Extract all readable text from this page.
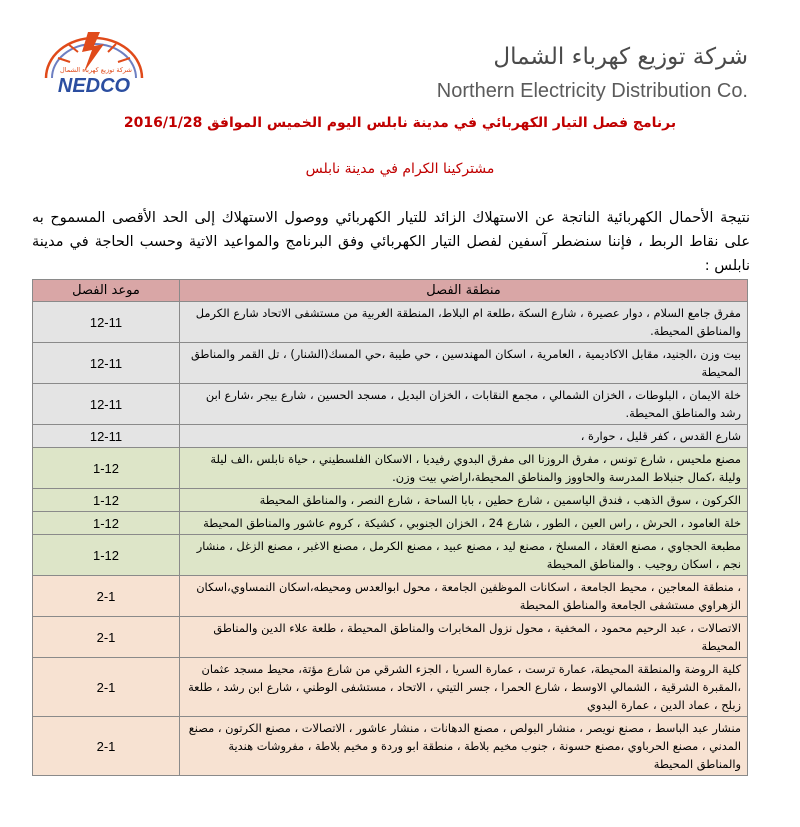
شركة توزيع كهرباء الشمال
NEDCO
شركة توزيع كهرباء الشمال
Northern Electricity Distribution Co.
برنامج فصل التيار الكهربائي في مدينة نابلس اليوم الخميس الموافق 2016/1/28
مشتركينا الكرام في مدينة نابلس
نتيجة الأحمال الكهربائية الناتجة عن الاستهلاك الزائد للتيار الكهربائي ووصول الاستهلاك إلى الحد الأقصى المسموح به على نقاط الربط ، فإننا سنضطر آسفين لفصل التيار الكهربائي وفق البرنامج والمواعيد الاتية وحسب الحاجة في مدينة نابلس :
منطقة الفصل	موعد الفصل
مفرق جامع السلام ، دوار عصيرة ، شارع السكة ،طلعة ام البلاط، المنطقة الغربية من مستشفى الاتحاد شارع الكرمل والمناطق المحيطة.	12-11
بيت وزن ،الجنيد، مقابل الاكاديمية ، العامرية ، اسكان المهندسين ، حي طيبة ،حي المسك(الشنار) ، تل القمر والمناطق المحيطة	12-11
خلة الايمان ، البلوطات ، الخزان الشمالي ، مجمع النقابات ، الخزان البديل ، مسجد الحسين ، شارع بيجر ،شارع ابن رشد والمناطق المحيطة.	12-11
شارع القدس ، كفر قليل ، حوارة ،	12-11
مصنع ملحيس ، شارع تونس ، مفرق الروزنا الى مفرق البدوي رفيديا ، الاسكان الفلسطيني ، حياة نابلس ،الف ليلة وليلة ،كمال جنبلاط المدرسة والحاووز والمناطق المحيطة،اراضي بيت وزن.	1-12
الكركون ، سوق الذهب ، فندق الياسمين ، شارع حطين ، بابا الساحة ، شارع النصر ، والمناطق المحيطة	1-12
خلة العامود ، الحرش ، راس العين ، الطور ، شارع 24 ، الخزان الجنوبي ، كشيكة ، كروم عاشور والمناطق المحيطة	1-12
مطبعة الحجاوي ، مصنع العقاد ، المسلخ ، مصنع ليد ، مصنع عبيد ، مصنع الكرمل ، مصنع الاغبر ، مصنع الزغل ، منشار نجم ، اسكان روجيب . والمناطق المحيطة	1-12
، منطقة المعاجين ، محيط الجامعة ، اسكانات الموظفين الجامعة ، محول ابوالعدس ومحيطه،اسكان النمساوي،اسكان الزهراوي مستشفى الجامعة والمناطق المحيطة	2-1
الاتصالات ، عبد الرحيم محمود ، المخفية ، محول نزول المخابرات والمناطق المحيطة ، طلعة علاء الدين والمناطق المحيطة	2-1
كلية الروضة والمنطقة المحيطة، عمارة ترست ، عمارة السريا ، الجزء الشرقي من شارع مؤتة، محيط مسجد عثمان ،المقبرة الشرقية ، الشمالي الاوسط ، شارع الحمرا ، جسر التيتي ، الاتحاد ، مستشفى الوطني ، شارع ابن رشد ، طلعة زبلح ، عماد الدين ، عمارة البدوي	2-1
منشار عبد الباسط ، مصنع نويصر ، منشار البولص ، مصنع الدهانات ، منشار عاشور ، الاتصالات ، مصنع الكرتون ، مصنع المدني ، مصنع الحرباوي ،مصنع حسونة ، جنوب مخيم بلاطة ، منطقة ابو وردة و مخيم بلاطة ، مفروشات هندية والمناطق المحيطة	2-1
